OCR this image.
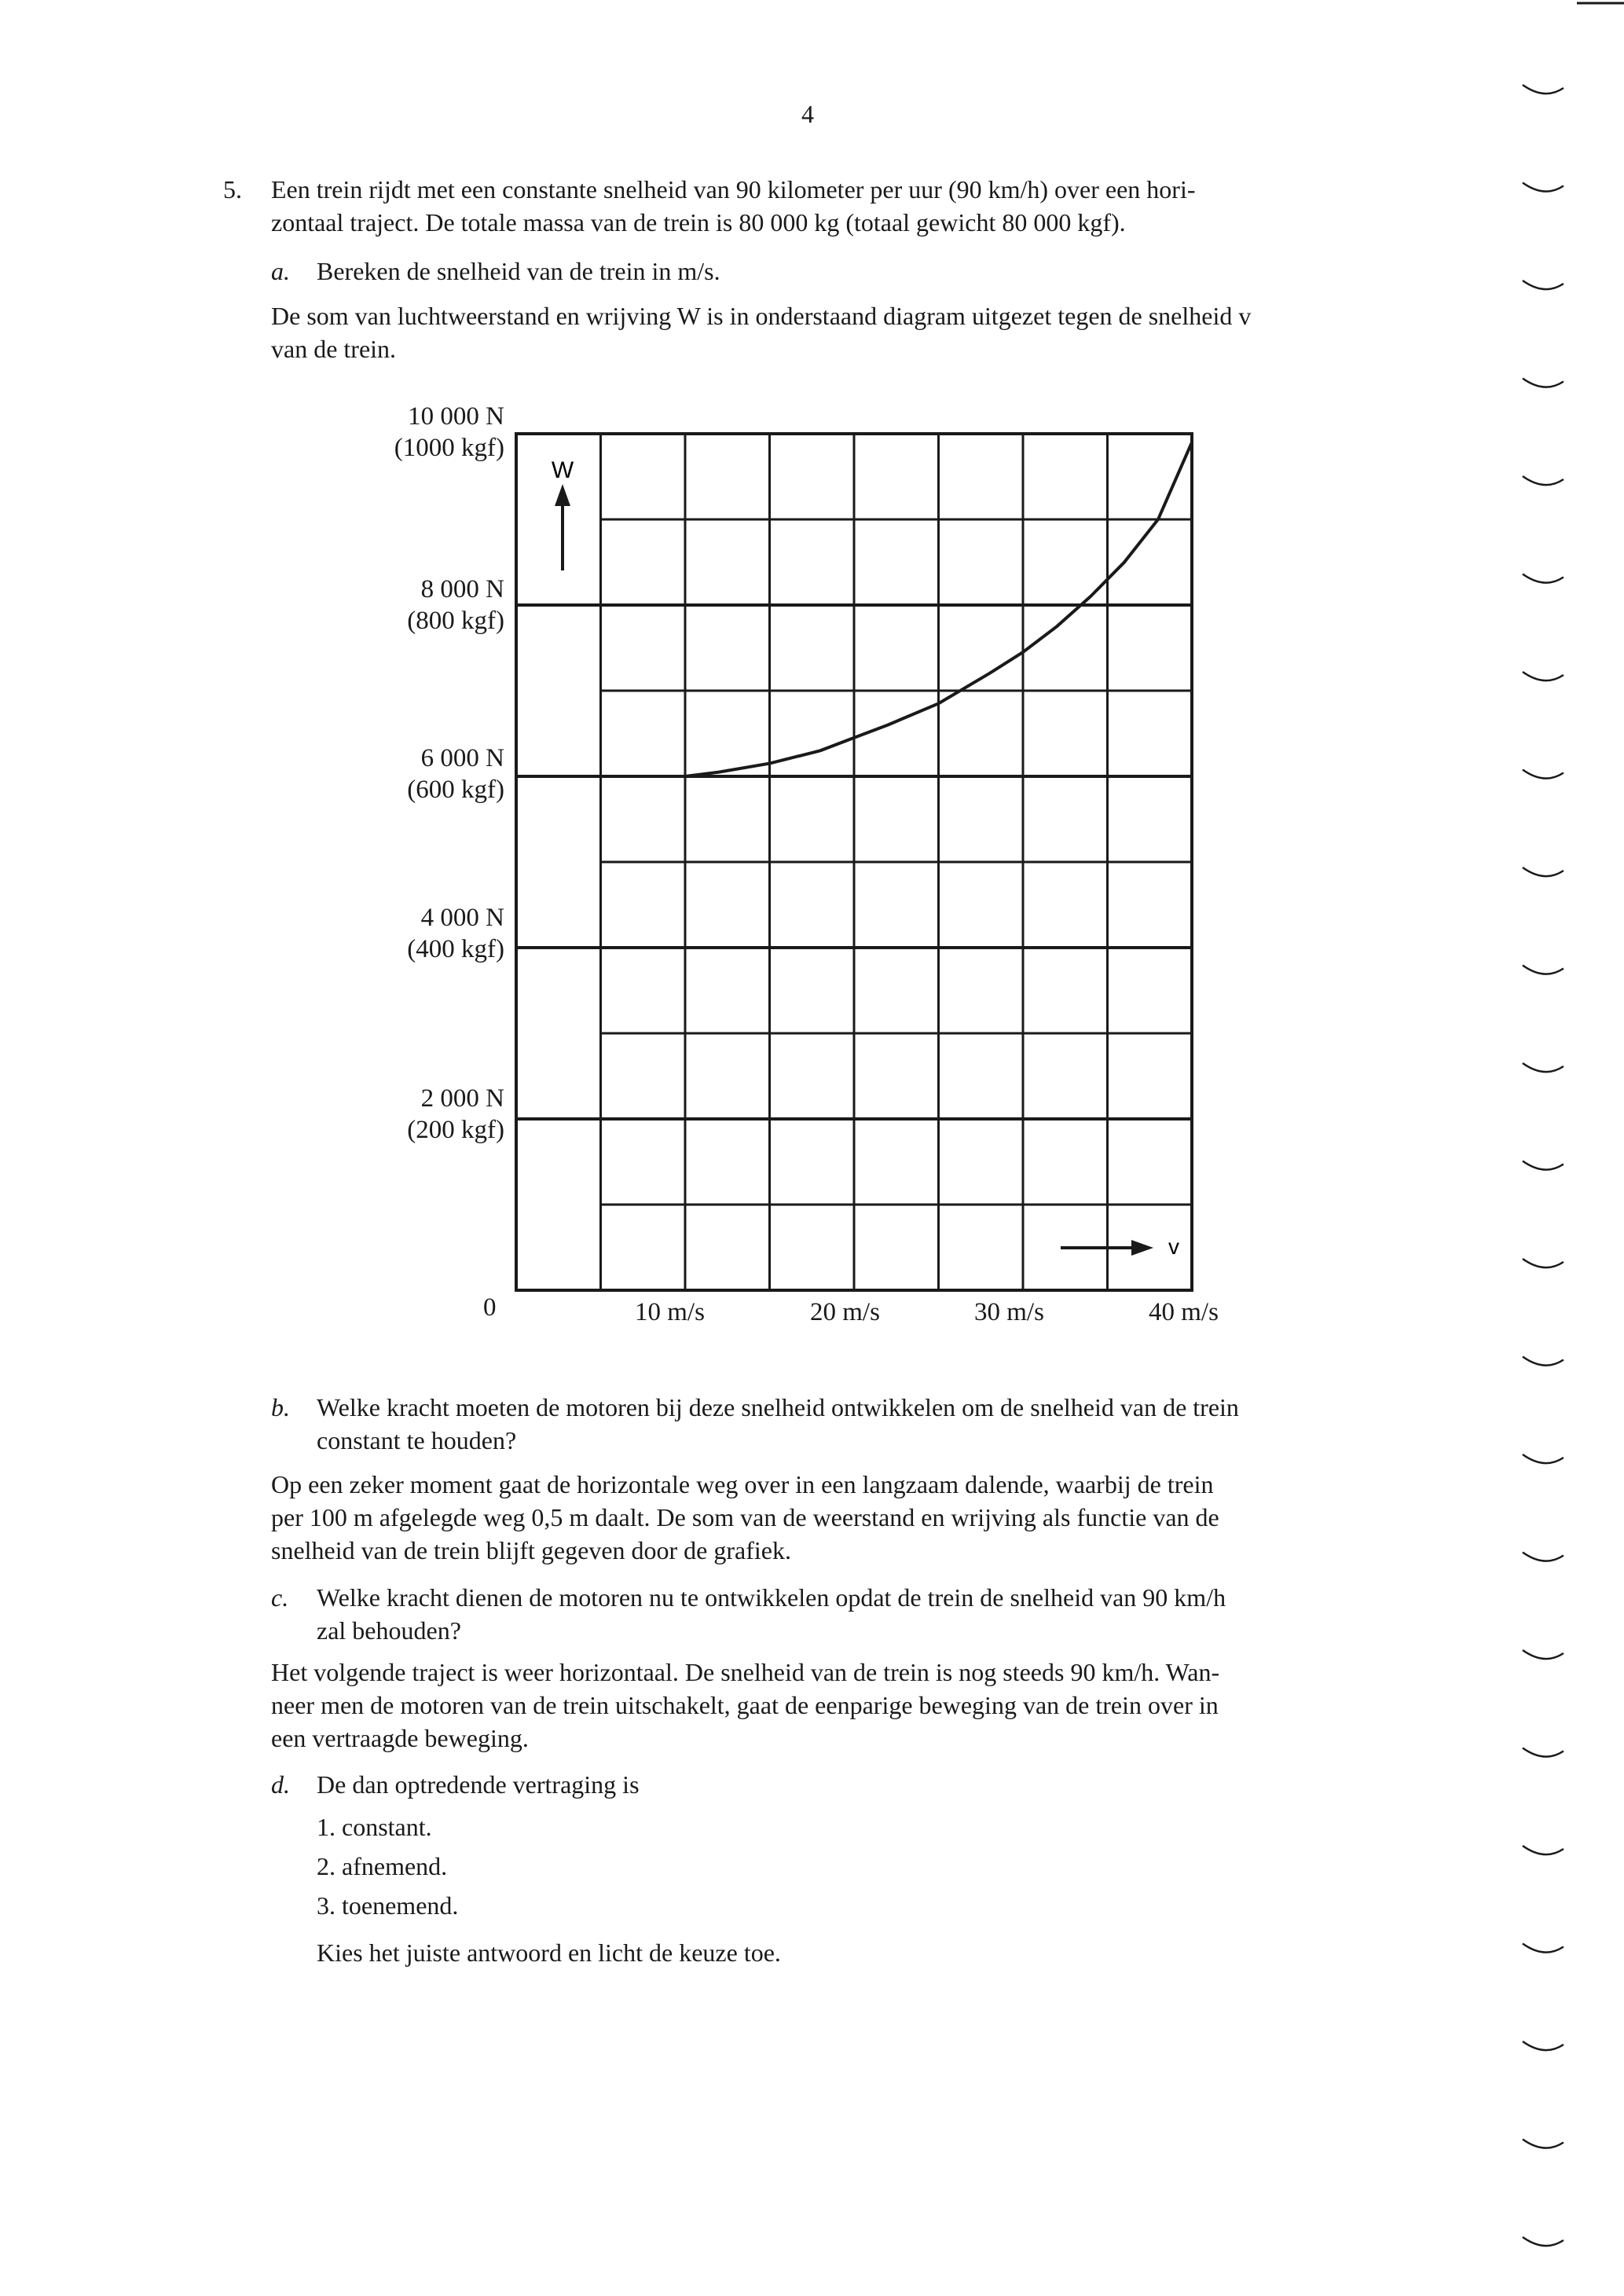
4
5. Een trein rijdt met een constante snelheid van 90 kilometer per uur (90 km/h) over een hori-
zontaal traject. De totale massa van de trein is 80 000 kg (totaal gewicht 80 000 kgf).
a. Bereken de snelheid van de trein in m/s.
De som van luchtweerstand en wrijving W is in onderstaand diagram uitgezet tegen de snelheid v
van de trein.
W
v
10 000 N
(1000 kgf)
8 000 N
(800 kgf)
6 000 N
(600 kgf)
4 000 N
(400 kgf)
2 000 N
(200 kgf)
0	10 m/s	20 m/s	30 m/s	40 m/s
b. Welke kracht moeten de motoren bij deze snelheid ontwikkelen om de snelheid van de trein
constant te houden?
Op een zeker moment gaat de horizontale weg over in een langzaam dalende, waarbij de trein
per 100 m afgelegde weg 0,5 m daalt. De som van de weerstand en wrijving als functie van de
snelheid van de trein blijft gegeven door de grafiek.
c. Welke kracht dienen de motoren nu te ontwikkelen opdat de trein de snelheid van 90 km/h
zal behouden?
Het volgende traject is weer horizontaal. De snelheid van de trein is nog steeds 90 km/h. Wan-
neer men de motoren van de trein uitschakelt, gaat de eenparige beweging van de trein over in
een vertraagde beweging.
d. De dan optredende vertraging is
1. constant.
2. afnemend.
3. toenemend.
Kies het juiste antwoord en licht de keuze toe.
